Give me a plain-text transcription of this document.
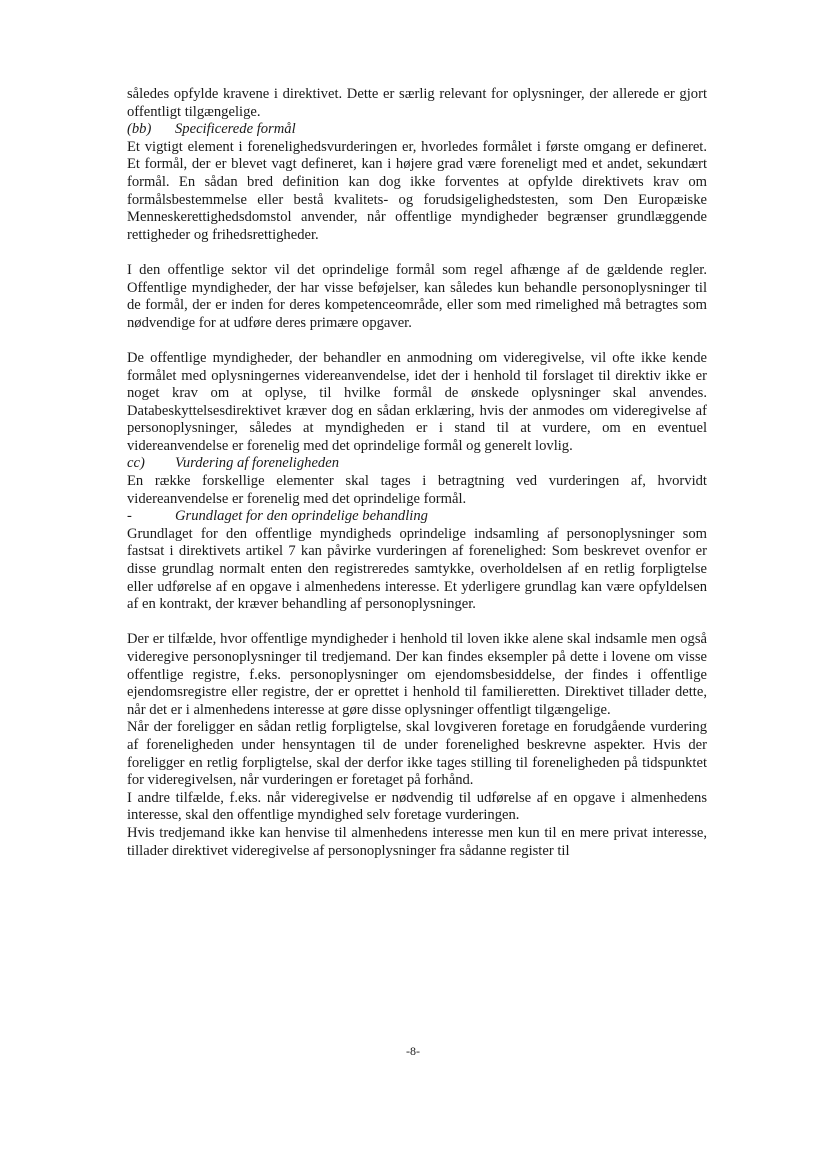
således opfylde kravene i direktivet. Dette er særlig relevant for oplysninger, der allerede er gjort offentligt tilgængelige.

(bb)	Specificerede formål

Et vigtigt element i forenelighedsvurderingen er, hvorledes formålet i første omgang er defineret. Et formål, der er blevet vagt defineret, kan i højere grad være foreneligt med et andet, sekundært formål. En sådan bred definition kan dog ikke forventes at opfylde direktivets krav om formålsbestemmelse eller bestå kvalitets- og forudsigelighedstesten, som Den Europæiske Menneskerettighedsdomstol anvender, når offentlige myndigheder begrænser grundlæggende rettigheder og frihedsrettigheder.

I den offentlige sektor vil det oprindelige formål som regel afhænge af de gældende regler. Offentlige myndigheder, der har visse beføjelser, kan således kun behandle personoplysninger til de formål, der er inden for deres kompetenceområde, eller som med rimelighed må betragtes som nødvendige for at udføre deres primære opgaver.

De offentlige myndigheder, der behandler en anmodning om videregivelse, vil ofte ikke kende formålet med oplysningernes videreanvendelse, idet der i henhold til forslaget til direktiv ikke er noget krav om at oplyse, til hvilke formål de ønskede oplysninger skal anvendes. Databeskyttelsesdirektivet kræver dog en sådan erklæring, hvis der anmodes om videregivelse af personoplysninger, således at myndigheden er i stand til at vurdere, om en eventuel videreanvendelse er forenelig med det oprindelige formål og generelt lovlig.

cc)	Vurdering af foreneligheden

En række forskellige elementer skal tages i betragtning ved vurderingen af, hvorvidt videreanvendelse er forenelig med det oprindelige formål.

-	Grundlaget for den oprindelige behandling

Grundlaget for den offentlige myndigheds oprindelige indsamling af personoplysninger som fastsat i direktivets artikel 7 kan påvirke vurderingen af forenelighed: Som beskrevet ovenfor er disse grundlag normalt enten den registreredes samtykke, overholdelsen af en retlig forpligtelse eller udførelse af en opgave i almenhedens interesse. Et yderligere grundlag kan være opfyldelsen af en kontrakt, der kræver behandling af personoplysninger.

Der er tilfælde, hvor offentlige myndigheder i henhold til loven ikke alene skal indsamle men også videregive personoplysninger til tredjemand. Der kan findes eksempler på dette i lovene om visse offentlige registre, f.eks. personoplysninger om ejendomsbesiddelse, der findes i offentlige ejendomsregistre eller registre, der er oprettet i henhold til familieretten. Direktivet tillader dette, når det er i almenhedens interesse at gøre disse oplysninger offentligt tilgængelige.

Når der foreligger en sådan retlig forpligtelse, skal lovgiveren foretage en forudgående vurdering af foreneligheden under hensyntagen til de under forenelighed beskrevne aspekter. Hvis der foreligger en retlig forpligtelse, skal der derfor ikke tages stilling til foreneligheden på tidspunktet for videregivelsen, når vurderingen er foretaget på forhånd.

I andre tilfælde, f.eks. når videregivelse er nødvendig til udførelse af en opgave i almenhedens interesse, skal den offentlige myndighed selv foretage vurderingen.

Hvis tredjemand ikke kan henvise til almenhedens interesse men kun til en mere privat interesse, tillader direktivet videregivelse af personoplysninger fra sådanne register til

-8-
